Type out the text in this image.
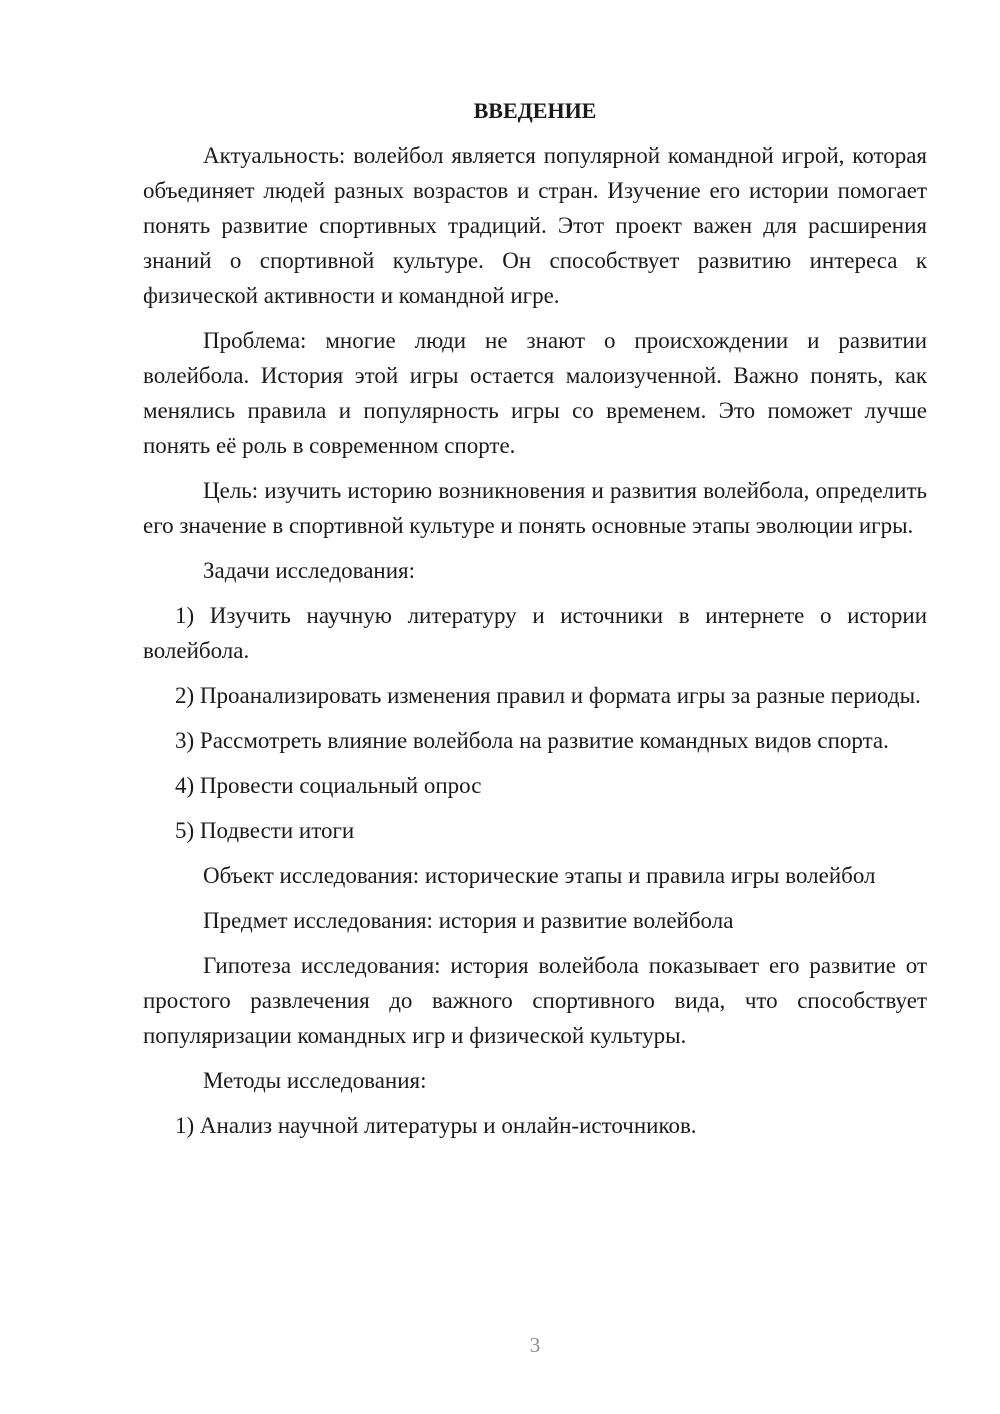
ВВЕДЕНИЕ

Актуальность: волейбол является популярной командной игрой, которая объединяет людей разных возрастов и стран. Изучение его истории помогает понять развитие спортивных традиций. Этот проект важен для расширения знаний о спортивной культуре. Он способствует развитию интереса к физической активности и командной игре.

Проблема: многие люди не знают о происхождении и развитии волейбола. История этой игры остается малоизученной. Важно понять, как менялись правила и популярность игры со временем. Это поможет лучше понять её роль в современном спорте.

Цель: изучить историю возникновения и развития волейбола, определить его значение в спортивной культуре и понять основные этапы эволюции игры.

Задачи исследования:

1) Изучить научную литературу и источники в интернете о истории волейбола.

2) Проанализировать изменения правил и формата игры за разные периоды.

3) Рассмотреть влияние волейбола на развитие командных видов спорта.

4) Провести социальный опрос

5) Подвести итоги

Объект исследования: исторические этапы и правила игры волейбол

Предмет исследования: история и развитие волейбола

Гипотеза исследования: история волейбола показывает его развитие от простого развлечения до важного спортивного вида, что способствует популяризации командных игр и физической культуры.

Методы исследования:

1) Анализ научной литературы и онлайн-источников.

3
